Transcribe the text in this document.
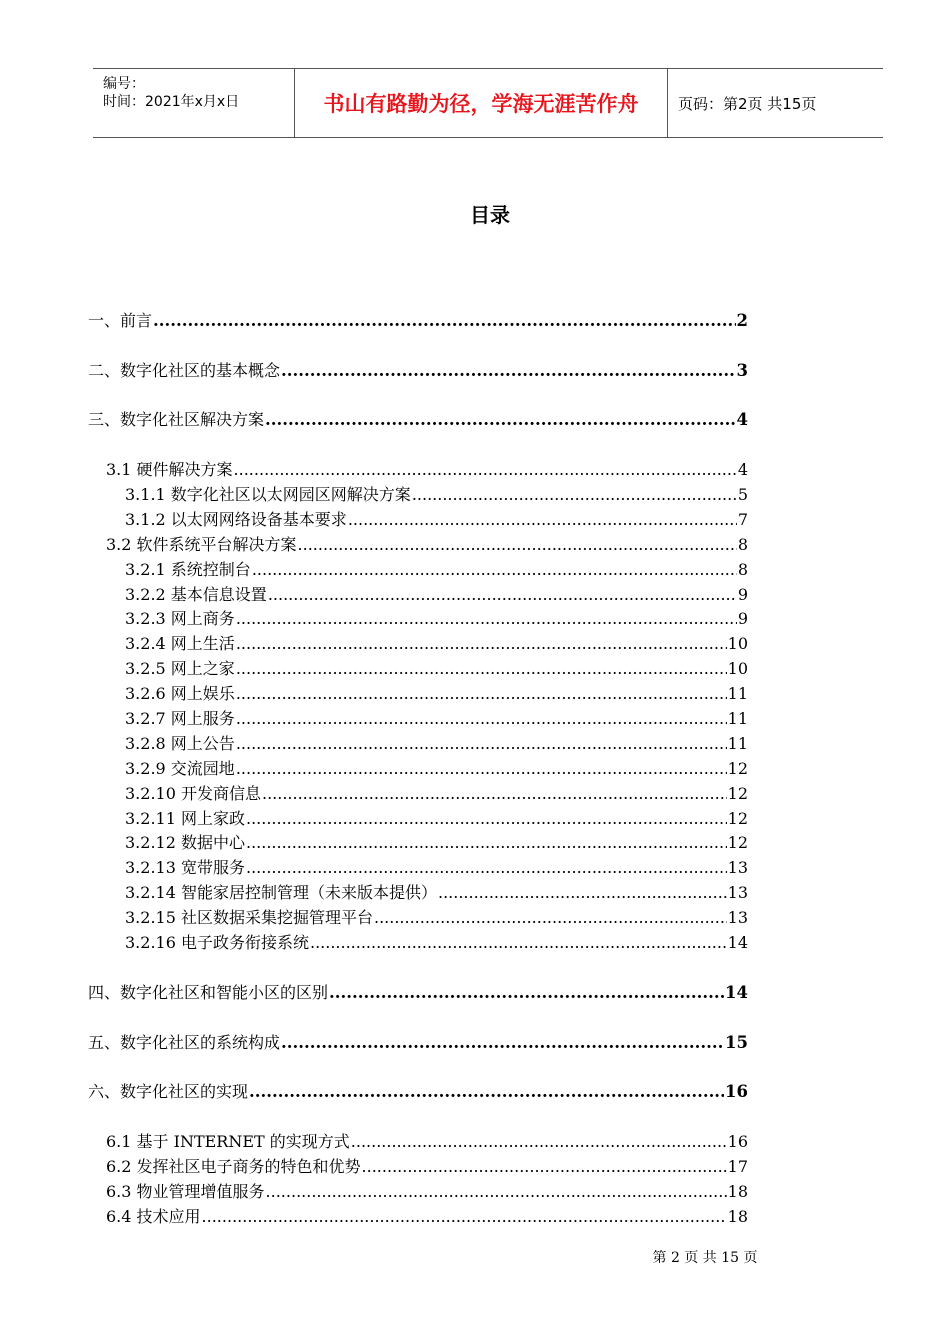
编号：
时间：2021年x月x日	书山有路勤为径，学海无涯苦作舟	页码：第2页 共15页
目录
一、前言 .....	2
二、数字化社区的基本概念 .....	3
三、数字化社区解决方案 .....	4
3.1 硬件解决方案 .....	4
3.1.1 数字化社区以太网园区网解决方案 .....	5
3.1.2 以太网网络设备基本要求 .....	7
3.2 软件系统平台解决方案 .....	8
3.2.1 系统控制台 .....	8
3.2.2 基本信息设置 .....	9
3.2.3 网上商务 .....	9
3.2.4 网上生活 .....	10
3.2.5 网上之家 .....	10
3.2.6 网上娱乐 .....	11
3.2.7 网上服务 .....	11
3.2.8 网上公告 .....	11
3.2.9 交流园地 .....	12
3.2.10 开发商信息 .....	12
3.2.11 网上家政 .....	12
3.2.12 数据中心 .....	12
3.2.13 宽带服务 .....	13
3.2.14 智能家居控制管理（未来版本提供） .....	13
3.2.15 社区数据采集挖掘管理平台 .....	13
3.2.16 电子政务衔接系统 .....	14
四、数字化社区和智能小区的区别 .....	14
五、数字化社区的系统构成 .....	15
六、数字化社区的实现 .....	16
6.1 基于 INTERNET 的实现方式 .....	16
6.2 发挥社区电子商务的特色和优势 .....	17
6.3 物业管理增值服务 .....	18
6.4 技术应用 .....	18
第 2 页 共 15 页
